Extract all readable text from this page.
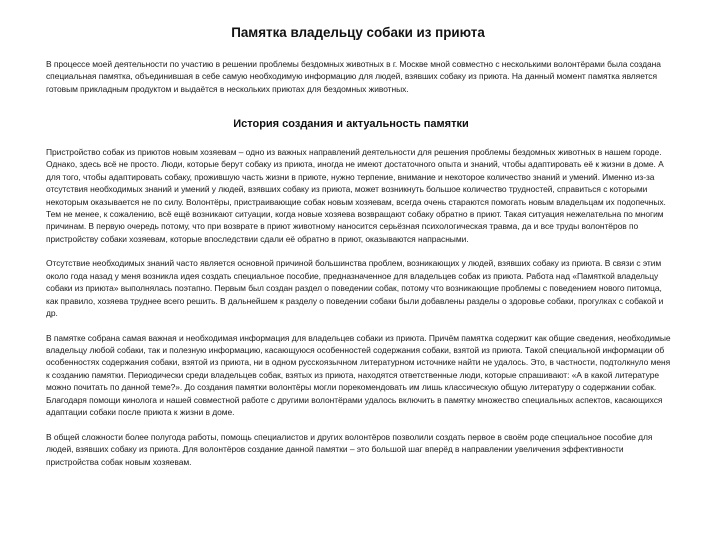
Памятка владельцу собаки из приюта
В процессе моей деятельности по участию в решении проблемы бездомных животных в г. Москве мной совместно с несколькими волонтёрами была создана специальная памятка, объединившая в себе самую необходимую информацию для людей, взявших собаку из приюта. На данный момент памятка является готовым прикладным продуктом и выдаётся в нескольких приютах для бездомных животных.
История создания и актуальность памятки

Пристройство собак из приютов новым хозяевам – одно из важных направлений деятельности для решения проблемы бездомных животных в нашем городе. Однако, здесь всё не просто. Люди, которые берут собаку из приюта, иногда не имеют достаточного опыта и знаний, чтобы адаптировать её к жизни в доме. А для того, чтобы адаптировать собаку, прожившую часть жизни в приюте, нужно терпение, внимание и некоторое количество знаний и умений. Именно из-за отсутствия необходимых знаний и умений у людей, взявших собаку из приюта, может возникнуть большое количество трудностей, справиться с которыми некоторым оказывается не по силу. Волонтёры, пристраивающие собак новым хозяевам, всегда очень стараются помогать новым владельцам их подопечных. Тем не менее, к сожалению, всё ещё возникают ситуации, когда новые хозяева возвращают собаку обратно в приют. Такая ситуация нежелательна по многим причинам. В первую очередь потому, что при возврате в приют животному наносится серьёзная психологическая травма, да и все труды волонтёров по пристройству собаки хозяевам, которые впоследствии сдали её обратно в приют, оказываются напрасными.

Отсутствие необходимых знаний часто является основной причиной большинства проблем, возникающих у людей, взявших собаку из приюта. В связи с этим около года назад у меня возникла идея создать специальное пособие, предназначенное для владельцев собак из приюта. Работа над «Памяткой владельцу собаки из приюта» выполнялась поэтапно. Первым был создан раздел о поведении собак, потому что возникающие проблемы с поведением нового питомца, как правило, хозяева труднее всего решить. В дальнейшем к разделу о поведении собаки были добавлены разделы о здоровье собаки, прогулках с собакой и др.

В памятке собрана самая важная и необходимая информация для владельцев собаки из приюта. Причём памятка содержит как общие сведения, необходимые владельцу любой собаки, так и полезную информацию, касающуюся особенностей содержания собаки, взятой из приюта. Такой специальной информации об особенностях содержания собаки, взятой из приюта, ни в одном русскоязычном литературном источнике найти не удалось. Это, в частности, подтолкнуло меня к созданию памятки. Периодически среди владельцев собак, взятых из приюта, находятся ответственные люди, которые спрашивают: «А в какой литературе можно почитать по данной теме?». До создания памятки волонтёры могли порекомендовать им лишь классическую общую литературу о содержании собак. Благодаря помощи кинолога и нашей совместной работе с другими волонтёрами удалось включить в памятку множество специальных аспектов, касающихся адаптации собаки после приюта к жизни в доме.

В общей сложности более полугода работы, помощь специалистов и других волонтёров позволили создать первое в своём роде специальное пособие для людей, взявших собаку из приюта. Для волонтёров создание данной памятки – это большой шаг вперёд в направлении увеличения эффективности пристройства собак новым хозяевам.
